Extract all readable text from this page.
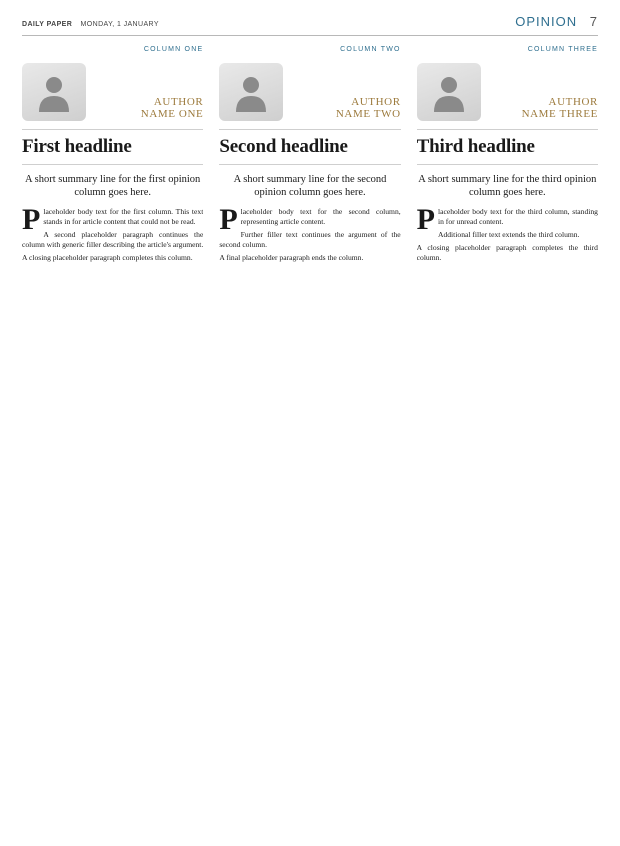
DAILY PAPER MONDAY, 1 JANUARY	OPINION 7
COLUMN ONE
AUTHOR
NAME ONE
First headline
A short summary line for the first opinion column goes here.

Placeholder body text for the first column. This text stands in for article content that could not be read.

A second placeholder paragraph continues the column with generic filler describing the article's argument.

A closing placeholder paragraph completes this column.

COLUMN TWO
AUTHOR
NAME TWO
Second headline
A short summary line for the second opinion column goes here.

Placeholder body text for the second column, representing article content.

Further filler text continues the argument of the second column.

A final placeholder paragraph ends the column.

COLUMN THREE
AUTHOR
NAME THREE
Third headline
A short summary line for the third opinion column goes here.

Placeholder body text for the third column, standing in for unread content.

Additional filler text extends the third column.

A closing placeholder paragraph completes the third column.
